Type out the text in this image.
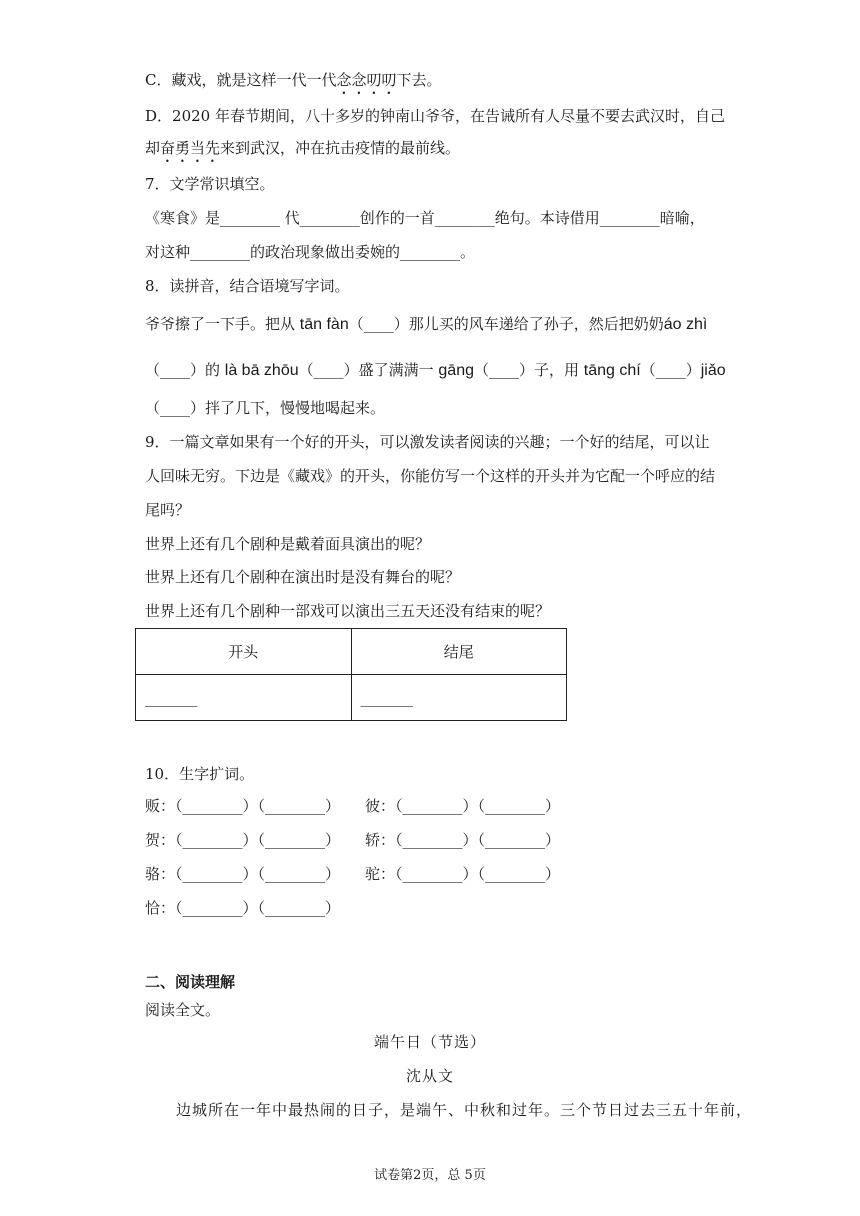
C．藏戏，就是这样一代一代念念叨叨下去。
D．2020 年春节期间，八十多岁的钟南山爷爷，在告诫所有人尽量不要去武汉时，自己
却奋勇当先来到武汉，冲在抗击疫情的最前线。
7．文学常识填空。
《寒食》是________ 代________创作的一首________绝句。本诗借用________暗喻，
对这种________的政治现象做出委婉的________。
8．读拼音，结合语境写字词。
爷爷擦了一下手。把从 tān fàn（____）那儿买的风车递给了孙子，然后把奶奶áo zhì
（____）的 là bā zhōu（____）盛了满满一 gāng（____）子，用 tāng chí（____）jiǎo
（____）拌了几下，慢慢地喝起来。
9．一篇文章如果有一个好的开头，可以激发读者阅读的兴趣；一个好的结尾，可以让
人回味无穷。下边是《藏戏》的开头，你能仿写一个这样的开头并为它配一个呼应的结
尾吗？
世界上还有几个剧种是戴着面具演出的呢？
世界上还有几个剧种在演出时是没有舞台的呢？
世界上还有几个剧种一部戏可以演出三五天还没有结束的呢？
开头	结尾
_______	_______
10．生字扩词。
贩：（________）（________） 彼：（________）（________）
贺：（________）（________） 轿：（________）（________）
骆：（________）（________） 驼：（________）（________）
恰：（________）（________）
二、阅读理解
阅读全文。
端午日（节选）
沈从文
边城所在一年中最热闹的日子，是端午、中秋和过年。三个节日过去三五十年前，
试卷第2页，总 5页
